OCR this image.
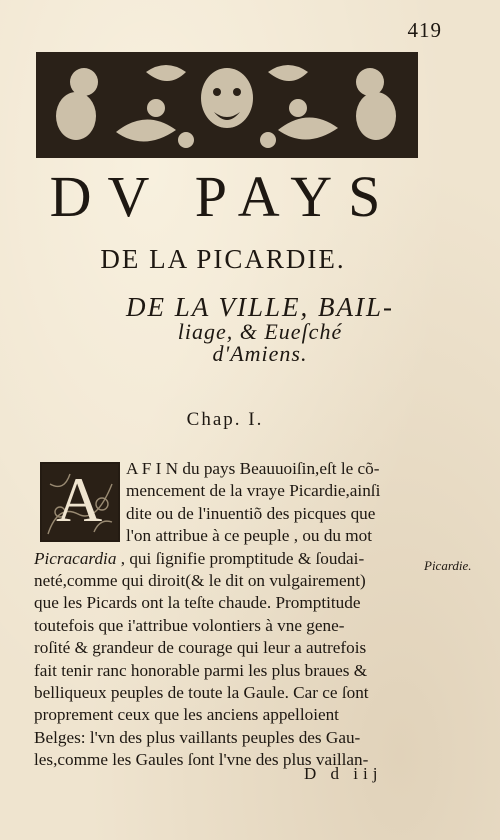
419
DV PAYS
DE LA PICARDIE.
DE LA VILLE, BAIL-
liage, & Eueſché
d'Amiens.
Chap. I.
A	A F I N du pays Beauuoiſin,eſt le cõ-
mencement de la vraye Picardie,ainſi
dite ou de l'inuentiõ des picques que
l'on attribue à ce peuple , ou du mot
Picracardia , qui ſignifie promptitude & ſoudai-
neté,comme qui diroit(& le dit on vulgairement)
que les Picards ont la teſte chaude. Promptitude
toutefois que i'attribue volontiers à vne gene-
roſité & grandeur de courage qui leur a autrefois
fait tenir ranc honorable parmi les plus braues &
belliqueux peuples de toute la Gaule. Car ce ſont
proprement ceux que les anciens appelloient
Belges: l'vn des plus vaillants peuples des Gau-
les,comme les Gaules ſont l'vne des plus vaillan-
Picardie.
D d iij
